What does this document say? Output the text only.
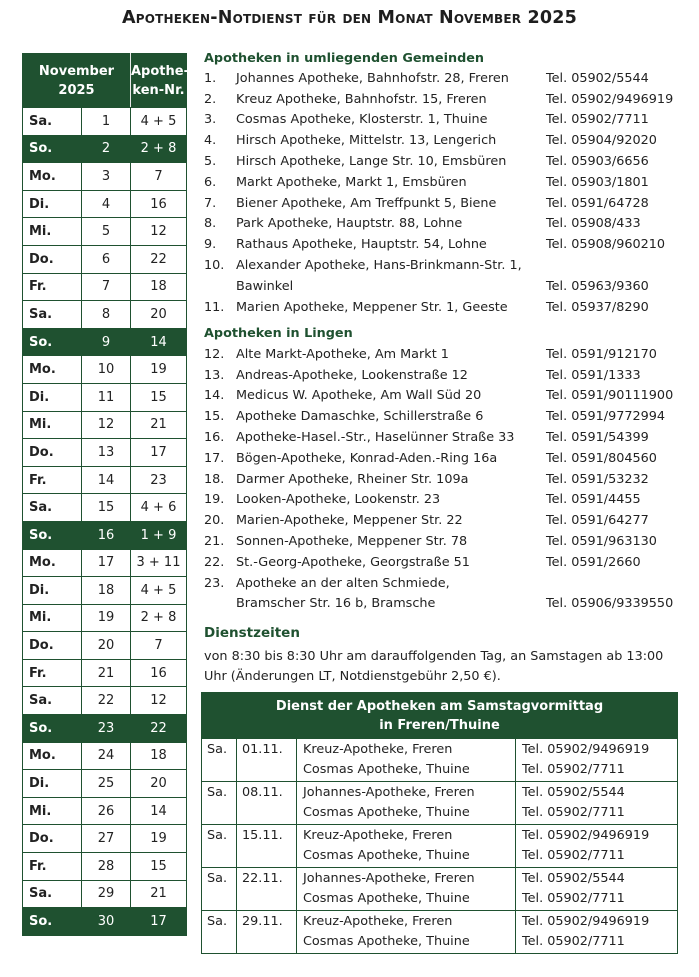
Apotheken-Notdienst für den Monat November 2025
November
2025		Apothe-
ken-Nr.
Sa.	1	4 + 5
So.	2	2 + 8
Mo.	3	7
Di.	4	16
Mi.	5	12
Do.	6	22
Fr.	7	18
Sa.	8	20
So.	9	14
Mo.	10	19
Di.	11	15
Mi.	12	21
Do.	13	17
Fr.	14	23
Sa.	15	4 + 6
So.	16	1 + 9
Mo.	17	3 + 11
Di.	18	4 + 5
Mi.	19	2 + 8
Do.	20	7
Fr.	21	16
Sa.	22	12
So.	23	22
Mo.	24	18
Di.	25	20
Mi.	26	14
Do.	27	19
Fr.	28	15
Sa.	29	21
So.	30	17
Apotheken in umliegenden Gemeinden
1.	Johannes Apotheke, Bahnhofstr. 28, Freren	Tel. 05902/5544
2.	Kreuz Apotheke, Bahnhofstr. 15, Freren	Tel. 05902/9496919
3.	Cosmas Apotheke, Klosterstr. 1, Thuine	Tel. 05902/7711
4.	Hirsch Apotheke, Mittelstr. 13, Lengerich	Tel. 05904/92020
5.	Hirsch Apotheke, Lange Str. 10, Emsbüren	Tel. 05903/6656
6.	Markt Apotheke, Markt 1, Emsbüren	Tel. 05903/1801
7.	Biener Apotheke, Am Treffpunkt 5, Biene	Tel. 0591/64728
8.	Park Apotheke, Hauptstr. 88, Lohne	Tel. 05908/433
9.	Rathaus Apotheke, Hauptstr. 54, Lohne	Tel. 05908/960210
10. Alexander Apotheke, Hans-Brinkmann-Str. 1,
Bawinkel	Tel. 05963/9360
11. Marien Apotheke, Meppener Str. 1, Geeste	Tel. 05937/8290
Apotheken in Lingen
12. Alte Markt-Apotheke, Am Markt 1	Tel. 0591/912170
13. Andreas-Apotheke, Lookenstraße 12	Tel. 0591/1333
14. Medicus W. Apotheke, Am Wall Süd 20	Tel. 0591/90111900
15. Apotheke Damaschke, Schillerstraße 6	Tel. 0591/9772994
16. Apotheke-Hasel.-Str., Haselünner Straße 33	Tel. 0591/54399
17. Bögen-Apotheke, Konrad-Aden.-Ring 16a	Tel. 0591/804560
18. Darmer Apotheke, Rheiner Str. 109a	Tel. 0591/53232
19. Looken-Apotheke, Lookenstr. 23	Tel. 0591/4455
20. Marien-Apotheke, Meppener Str. 22	Tel. 0591/64277
21. Sonnen-Apotheke, Meppener Str. 78	Tel. 0591/963130
22. St.-Georg-Apotheke, Georgstraße 51	Tel. 0591/2660
23. Apotheke an der alten Schmiede,
Bramscher Str. 16 b, Bramsche	Tel. 05906/9339550
Dienstzeiten
von 8:30 bis 8:30 Uhr am darauffolgenden Tag, an Samstagen ab 13:00 Uhr (Änderungen LT, Notdienstgebühr 2,50 €).
Dienst der Apotheken am Samstagvormittag
in Freren/Thuine			
Sa.	01.11.	Kreuz-Apotheke, Freren
Cosmas Apotheke, Thuine

Tel. 05902/9496919
Tel. 05902/7711

Sa.	08.11.	Johannes-Apotheke, Freren
Cosmas Apotheke, Thuine

Tel. 05902/5544
Tel. 05902/7711

Sa.	15.11.	Kreuz-Apotheke, Freren
Cosmas Apotheke, Thuine

Tel. 05902/9496919
Tel. 05902/7711

Sa.	22.11.	Johannes-Apotheke, Freren
Cosmas Apotheke, Thuine

Tel. 05902/5544
Tel. 05902/7711

Sa.	29.11.	Kreuz-Apotheke, Freren
Cosmas Apotheke, Thuine

Tel. 05902/9496919
Tel. 05902/7711
